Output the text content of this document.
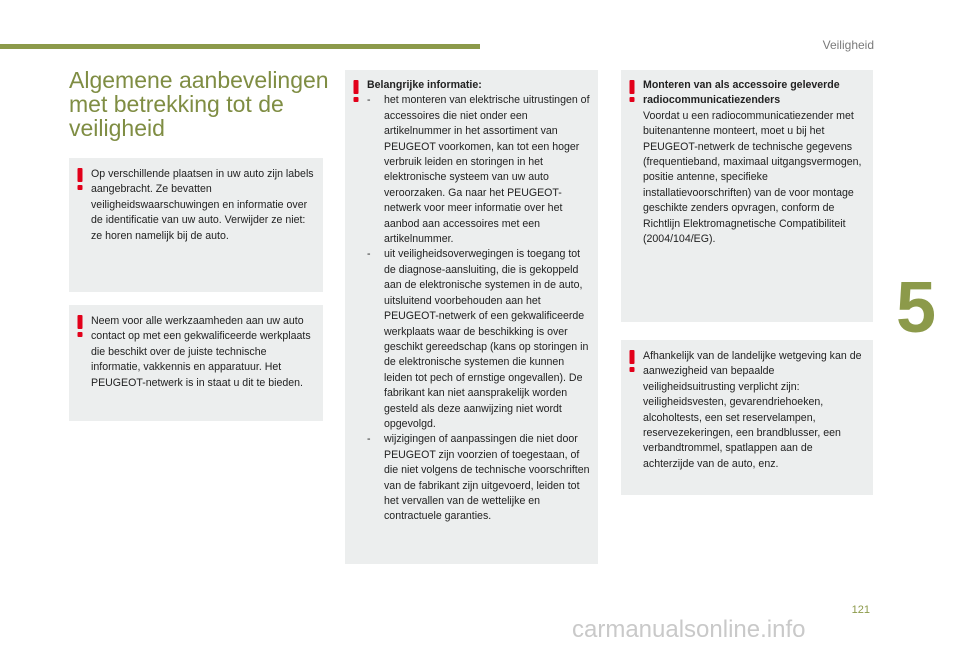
Veiligheid
5
Algemene aanbevelingen
met betrekking tot de
veiligheid

Op verschillende plaatsen in uw auto zijn labels aangebracht. Ze bevatten veiligheidswaarschuwingen en informatie over de identificatie van uw auto. Verwijder ze niet: ze horen namelijk bij de auto.

Neem voor alle werkzaamheden aan uw auto contact op met een gekwalificeerde werkplaats die beschikt over de juiste technische informatie, vakkennis en apparatuur. Het PEUGEOT-netwerk is in staat u dit te bieden.

Belangrijke informatie:
- het monteren van elektrische uitrustingen of accessoires die niet onder een artikelnummer in het assortiment van PEUGEOT voorkomen, kan tot een hoger verbruik leiden en storingen in het elektronische systeem van uw auto veroorzaken. Ga naar het PEUGEOT-netwerk voor meer informatie over het aanbod aan accessoires met een artikelnummer.
- uit veiligheidsoverwegingen is toegang tot de diagnose-aansluiting, die is gekoppeld aan de elektronische systemen in de auto, uitsluitend voorbehouden aan het PEUGEOT-netwerk of een gekwalificeerde werkplaats waar de beschikking is over geschikt gereedschap (kans op storingen in de elektronische systemen die kunnen leiden tot pech of ernstige ongevallen). De fabrikant kan niet aansprakelijk worden gesteld als deze aanwijzing niet wordt opgevolgd.
- wijzigingen of aanpassingen die niet door PEUGEOT zijn voorzien of toegestaan, of die niet volgens de technische voorschriften van de fabrikant zijn uitgevoerd, leiden tot het vervallen van de wettelijke en contractuele garanties.
Monteren van als accessoire geleverde radiocommunicatiezenders

Voordat u een radiocommunicatiezender met buitenantenne monteert, moet u bij het PEUGEOT-netwerk de technische gegevens (frequentieband, maximaal uitgangsvermogen, positie antenne, specifieke installatievoorschriften) van de voor montage geschikte zenders opvragen, conform de Richtlijn Elektromagnetische Compatibiliteit (2004/104/EG).

Afhankelijk van de landelijke wetgeving kan de aanwezigheid van bepaalde veiligheidsuitrusting verplicht zijn: veiligheidsvesten, gevarendriehoeken, alcoholtests, een set reservelampen, reservezekeringen, een brandblusser, een verbandtrommel, spatlappen aan de achterzijde van de auto, enz.

121
carmanualsonline.info
